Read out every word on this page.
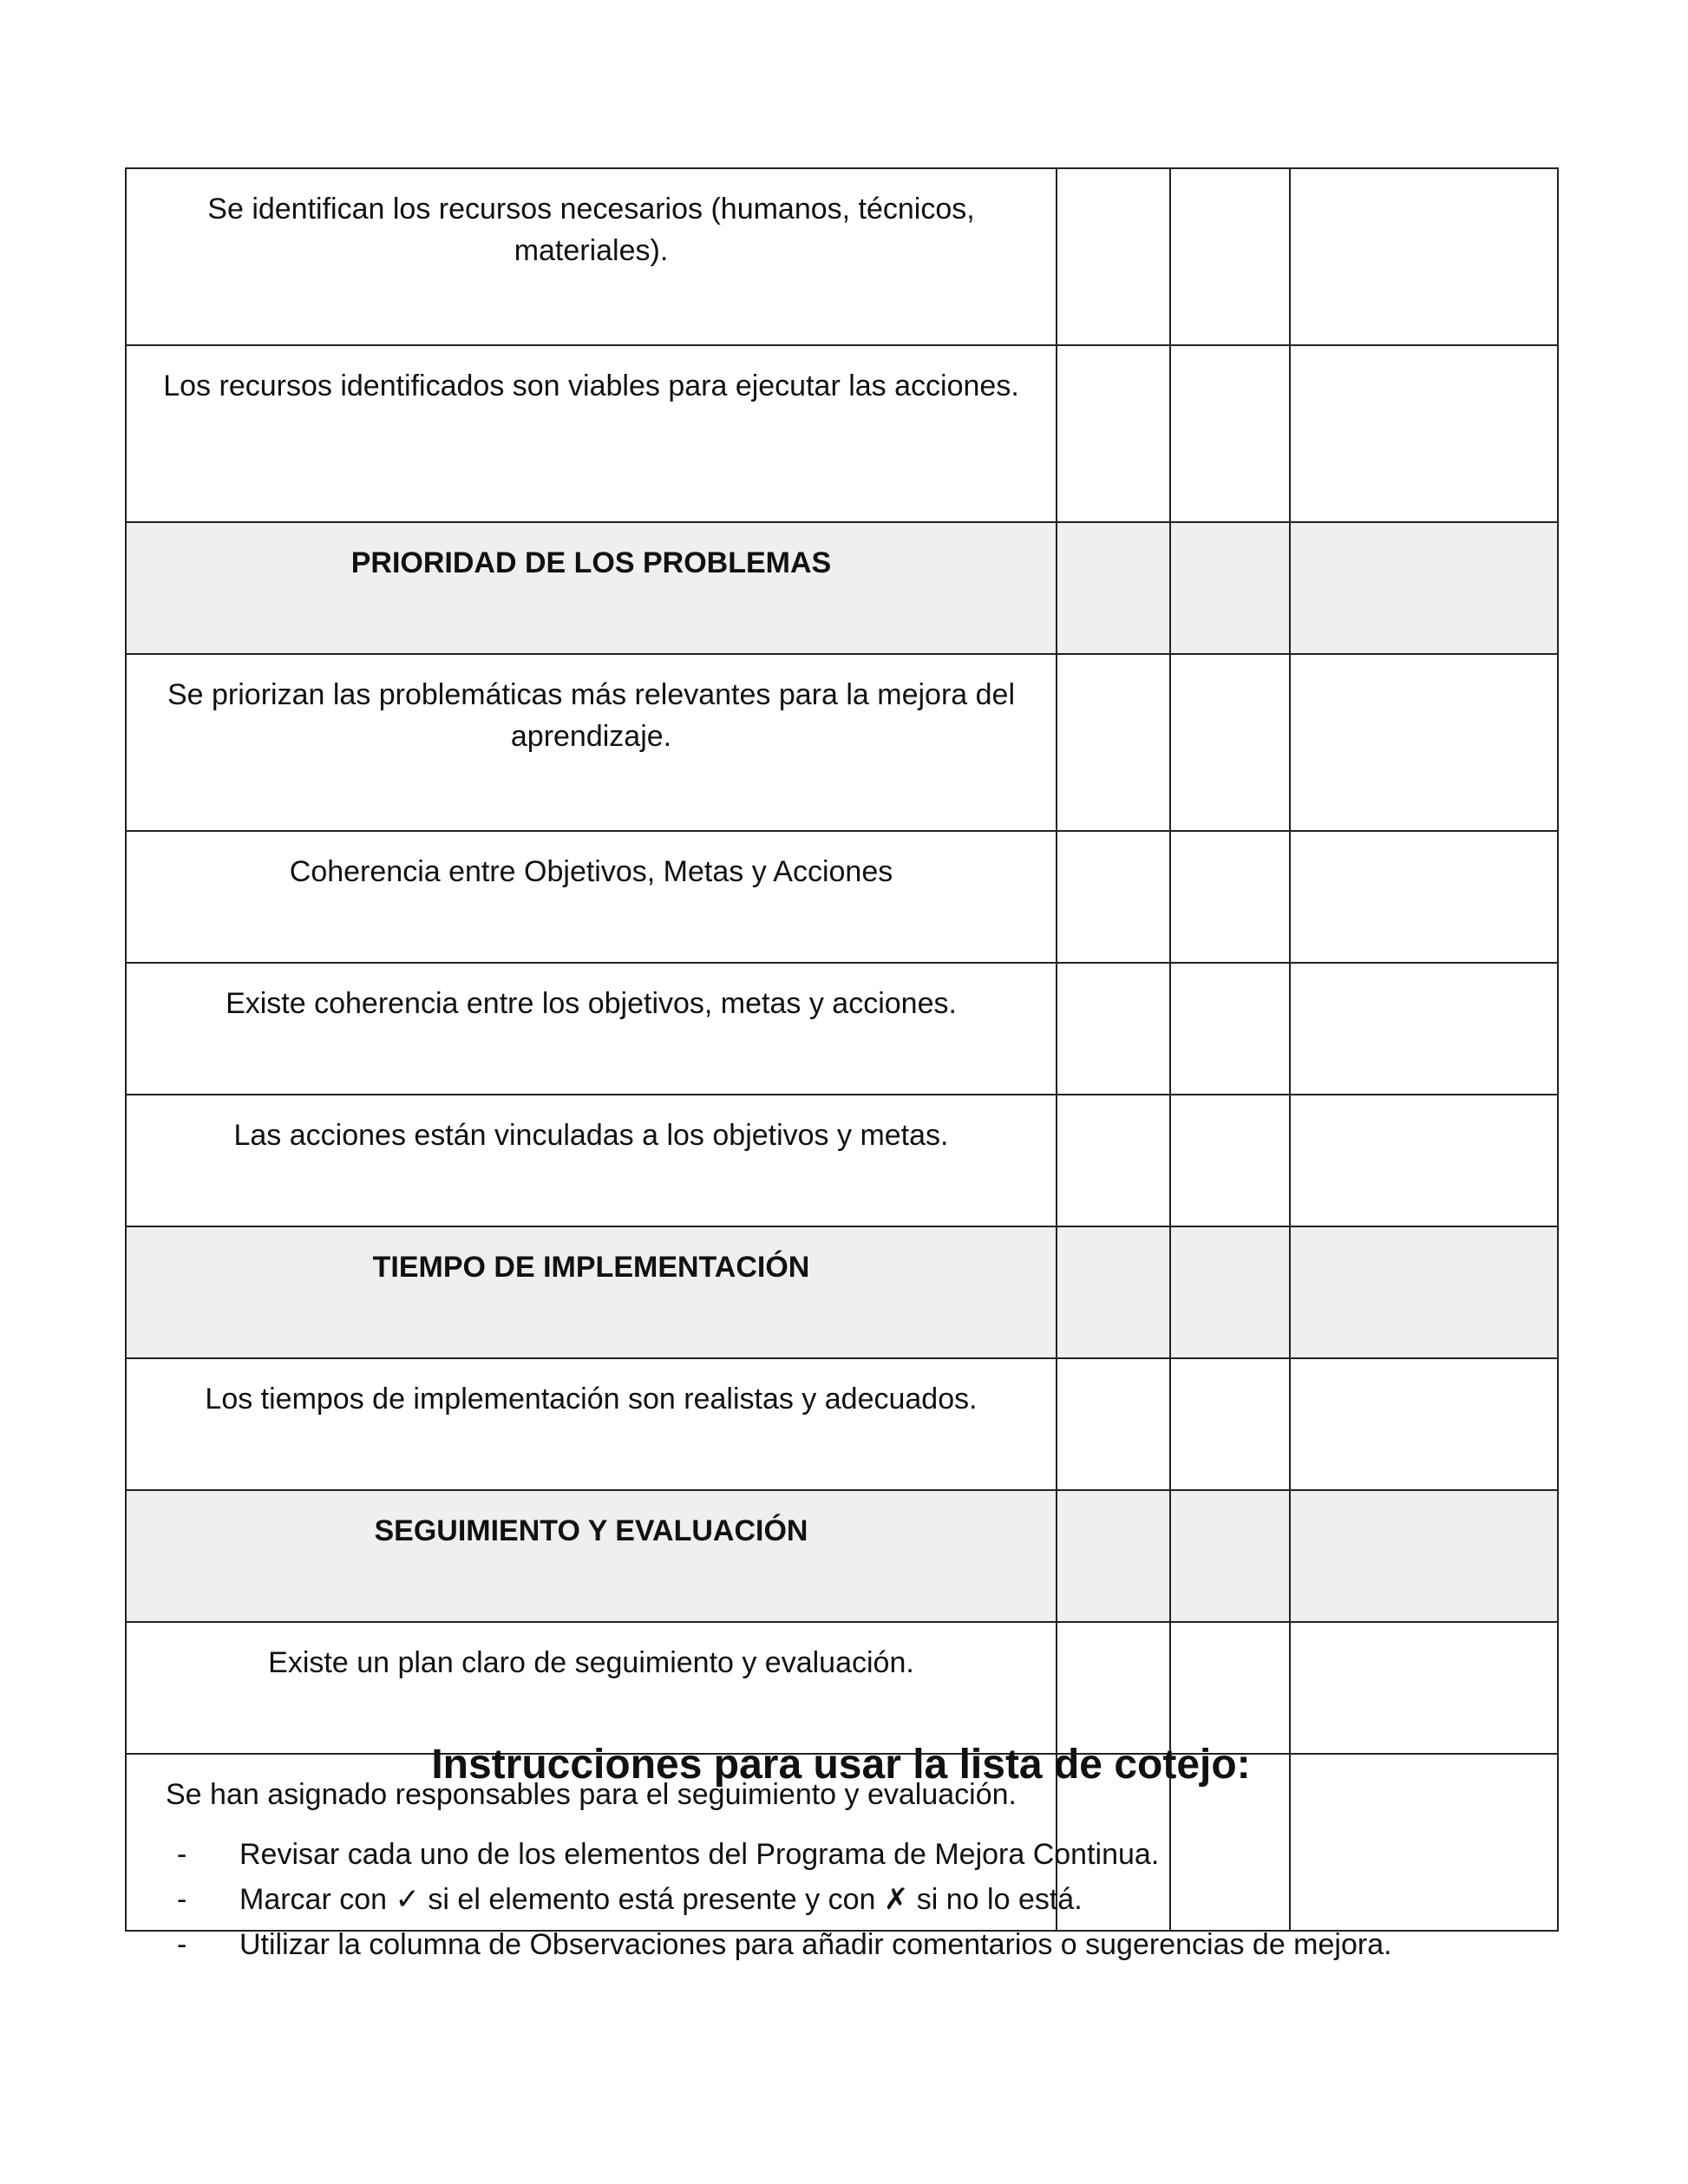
Se identifican los recursos necesarios (humanos, técnicos, materiales).			
Los recursos identificados son viables para ejecutar las acciones.			
PRIORIDAD DE LOS PROBLEMAS			
Se priorizan las problemáticas más relevantes para la mejora del aprendizaje.			
Coherencia entre Objetivos, Metas y Acciones			
Existe coherencia entre los objetivos, metas y acciones.			
Las acciones están vinculadas a los objetivos y metas.			
TIEMPO DE IMPLEMENTACIÓN			
Los tiempos de implementación son realistas y adecuados.			
SEGUIMIENTO Y EVALUACIÓN			
Existe un plan claro de seguimiento y evaluación.			
Se han asignado responsables para el seguimiento y evaluación.			
Instrucciones para usar la lista de cotejo:
- Revisar cada uno de los elementos del Programa de Mejora Continua.
- Marcar con ✓ si el elemento está presente y con ✗ si no lo está.
- Utilizar la columna de Observaciones para añadir comentarios o sugerencias de mejora.
